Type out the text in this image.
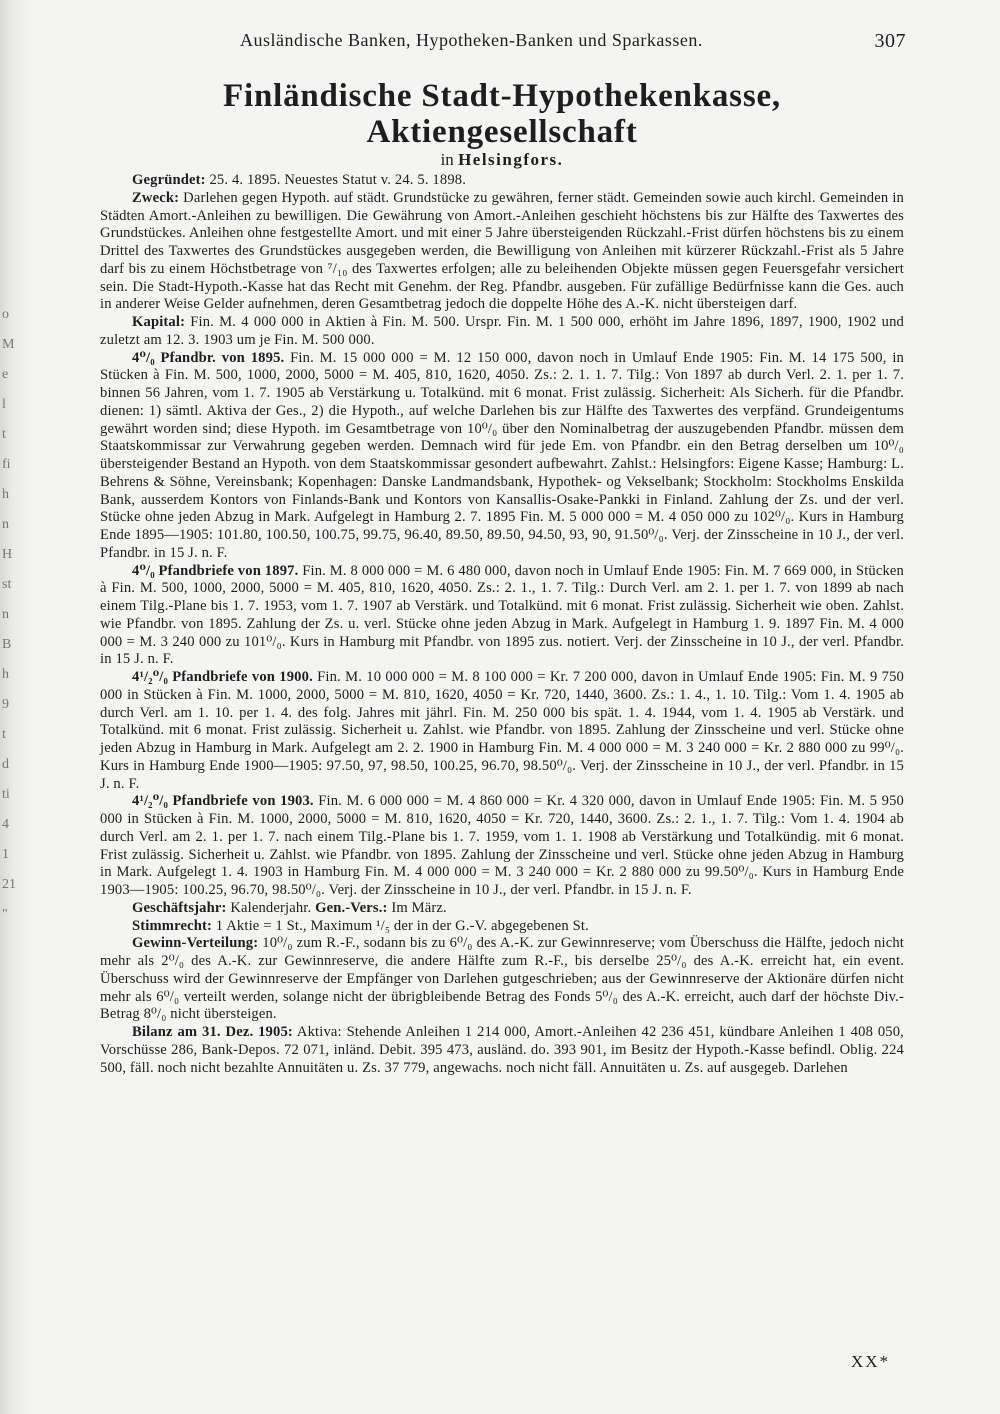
o
M
e
l
t
fi
h
n
H
st
n
B
h
9
t
d
ti
4
1
21
"
Ausländische Banken, Hypotheken-Banken und Sparkassen.	307
Finländische Stadt-Hypothekenkasse, Aktiengesellschaft
in Helsingfors.

Gegründet: 25. 4. 1895. Neuestes Statut v. 24. 5. 1898.

Zweck: Darlehen gegen Hypoth. auf städt. Grundstücke zu gewähren, ferner städt. Gemeinden sowie auch kirchl. Gemeinden in Städten Amort.-Anleihen zu bewilligen. Die Gewährung von Amort.-Anleihen geschieht höchstens bis zur Hälfte des Taxwertes des Grundstückes. Anleihen ohne festgestellte Amort. und mit einer 5 Jahre übersteigenden Rückzahl.-Frist dürfen höchstens bis zu einem Drittel des Taxwertes des Grundstückes ausgegeben werden, die Bewilligung von Anleihen mit kürzerer Rückzahl.-Frist als 5 Jahre darf bis zu einem Höchstbetrage von ⁷/₁₀ des Taxwertes erfolgen; alle zu beleihenden Objekte müssen gegen Feuersgefahr versichert sein. Die Stadt-Hypoth.-Kasse hat das Recht mit Genehm. der Reg. Pfandbr. ausgeben. Für zufällige Bedürfnisse kann die Ges. auch in anderer Weise Gelder aufnehmen, deren Gesamtbetrag jedoch die doppelte Höhe des A.-K. nicht übersteigen darf.

Kapital: Fin. M. 4 000 000 in Aktien à Fin. M. 500. Urspr. Fin. M. 1 500 000, erhöht im Jahre 1896, 1897, 1900, 1902 und zuletzt am 12. 3. 1903 um je Fin. M. 500 000.

4⁰/₀ Pfandbr. von 1895. Fin. M. 15 000 000 = M. 12 150 000, davon noch in Umlauf Ende 1905: Fin. M. 14 175 500, in Stücken à Fin. M. 500, 1000, 2000, 5000 = M. 405, 810, 1620, 4050. Zs.: 2. 1. 1. 7. Tilg.: Von 1897 ab durch Verl. 2. 1. per 1. 7. binnen 56 Jahren, vom 1. 7. 1905 ab Verstärkung u. Totalkünd. mit 6 monat. Frist zulässig. Sicherheit: Als Sicherh. für die Pfandbr. dienen: 1) sämtl. Aktiva der Ges., 2) die Hypoth., auf welche Darlehen bis zur Hälfte des Taxwertes des verpfänd. Grundeigentums gewährt worden sind; diese Hypoth. im Gesamtbetrage von 10⁰/₀ über den Nominalbetrag der auszugebenden Pfandbr. müssen dem Staatskommissar zur Verwahrung gegeben werden. Demnach wird für jede Em. von Pfandbr. ein den Betrag derselben um 10⁰/₀ übersteigender Bestand an Hypoth. von dem Staatskommissar gesondert aufbewahrt. Zahlst.: Helsingfors: Eigene Kasse; Hamburg: L. Behrens & Söhne, Vereinsbank; Kopenhagen: Danske Landmandsbank, Hypothek- og Vekselbank; Stockholm: Stockholms Enskilda Bank, ausserdem Kontors von Finlands-Bank und Kontors von Kansallis-Osake-Pankki in Finland. Zahlung der Zs. und der verl. Stücke ohne jeden Abzug in Mark. Aufgelegt in Hamburg 2. 7. 1895 Fin. M. 5 000 000 = M. 4 050 000 zu 102⁰/₀. Kurs in Hamburg Ende 1895—1905: 101.80, 100.50, 100.75, 99.75, 96.40, 89.50, 89.50, 94.50, 93, 90, 91.50⁰/₀. Verj. der Zinsscheine in 10 J., der verl. Pfandbr. in 15 J. n. F.

4⁰/₀ Pfandbriefe von 1897. Fin. M. 8 000 000 = M. 6 480 000, davon noch in Umlauf Ende 1905: Fin. M. 7 669 000, in Stücken à Fin. M. 500, 1000, 2000, 5000 = M. 405, 810, 1620, 4050. Zs.: 2. 1., 1. 7. Tilg.: Durch Verl. am 2. 1. per 1. 7. von 1899 ab nach einem Tilg.-Plane bis 1. 7. 1953, vom 1. 7. 1907 ab Verstärk. und Totalkünd. mit 6 monat. Frist zulässig. Sicherheit wie oben. Zahlst. wie Pfandbr. von 1895. Zahlung der Zs. u. verl. Stücke ohne jeden Abzug in Mark. Aufgelegt in Hamburg 1. 9. 1897 Fin. M. 4 000 000 = M. 3 240 000 zu 101⁰/₀. Kurs in Hamburg mit Pfandbr. von 1895 zus. notiert. Verj. der Zinsscheine in 10 J., der verl. Pfandbr. in 15 J. n. F.

4¹/₂⁰/₀ Pfandbriefe von 1900. Fin. M. 10 000 000 = M. 8 100 000 = Kr. 7 200 000, davon in Umlauf Ende 1905: Fin. M. 9 750 000 in Stücken à Fin. M. 1000, 2000, 5000 = M. 810, 1620, 4050 = Kr. 720, 1440, 3600. Zs.: 1. 4., 1. 10. Tilg.: Vom 1. 4. 1905 ab durch Verl. am 1. 10. per 1. 4. des folg. Jahres mit jährl. Fin. M. 250 000 bis spät. 1. 4. 1944, vom 1. 4. 1905 ab Verstärk. und Totalkünd. mit 6 monat. Frist zulässig. Sicherheit u. Zahlst. wie Pfandbr. von 1895. Zahlung der Zinsscheine und verl. Stücke ohne jeden Abzug in Hamburg in Mark. Aufgelegt am 2. 2. 1900 in Hamburg Fin. M. 4 000 000 = M. 3 240 000 = Kr. 2 880 000 zu 99⁰/₀. Kurs in Hamburg Ende 1900—1905: 97.50, 97, 98.50, 100.25, 96.70, 98.50⁰/₀. Verj. der Zinsscheine in 10 J., der verl. Pfandbr. in 15 J. n. F.

4¹/₂⁰/₀ Pfandbriefe von 1903. Fin. M. 6 000 000 = M. 4 860 000 = Kr. 4 320 000, davon in Umlauf Ende 1905: Fin. M. 5 950 000 in Stücken à Fin. M. 1000, 2000, 5000 = M. 810, 1620, 4050 = Kr. 720, 1440, 3600. Zs.: 2. 1., 1. 7. Tilg.: Vom 1. 4. 1904 ab durch Verl. am 2. 1. per 1. 7. nach einem Tilg.-Plane bis 1. 7. 1959, vom 1. 1. 1908 ab Verstärkung und Totalkündig. mit 6 monat. Frist zulässig. Sicherheit u. Zahlst. wie Pfandbr. von 1895. Zahlung der Zinsscheine und verl. Stücke ohne jeden Abzug in Hamburg in Mark. Aufgelegt 1. 4. 1903 in Hamburg Fin. M. 4 000 000 = M. 3 240 000 = Kr. 2 880 000 zu 99.50⁰/₀. Kurs in Hamburg Ende 1903—1905: 100.25, 96.70, 98.50⁰/₀. Verj. der Zinsscheine in 10 J., der verl. Pfandbr. in 15 J. n. F.

Geschäftsjahr: Kalenderjahr. Gen.-Vers.: Im März.

Stimmrecht: 1 Aktie = 1 St., Maximum ¹/₅ der in der G.-V. abgegebenen St.

Gewinn-Verteilung: 10⁰/₀ zum R.-F., sodann bis zu 6⁰/₀ des A.-K. zur Gewinnreserve; vom Überschuss die Hälfte, jedoch nicht mehr als 2⁰/₀ des A.-K. zur Gewinnreserve, die andere Hälfte zum R.-F., bis derselbe 25⁰/₀ des A.-K. erreicht hat, ein event. Überschuss wird der Gewinnreserve der Empfänger von Darlehen gutgeschrieben; aus der Gewinnreserve der Aktionäre dürfen nicht mehr als 6⁰/₀ verteilt werden, solange nicht der übrigbleibende Betrag des Fonds 5⁰/₀ des A.-K. erreicht, auch darf der höchste Div.-Betrag 8⁰/₀ nicht übersteigen.

Bilanz am 31. Dez. 1905: Aktiva: Stehende Anleihen 1 214 000, Amort.-Anleihen 42 236 451, kündbare Anleihen 1 408 050, Vorschüsse 286, Bank-Depos. 72 071, inländ. Debit. 395 473, ausländ. do. 393 901, im Besitz der Hypoth.-Kasse befindl. Oblig. 224 500, fäll. noch nicht bezahlte Annuitäten u. Zs. 37 779, angewachs. noch nicht fäll. Annuitäten u. Zs. auf ausgegeb. Darlehen

XX*
